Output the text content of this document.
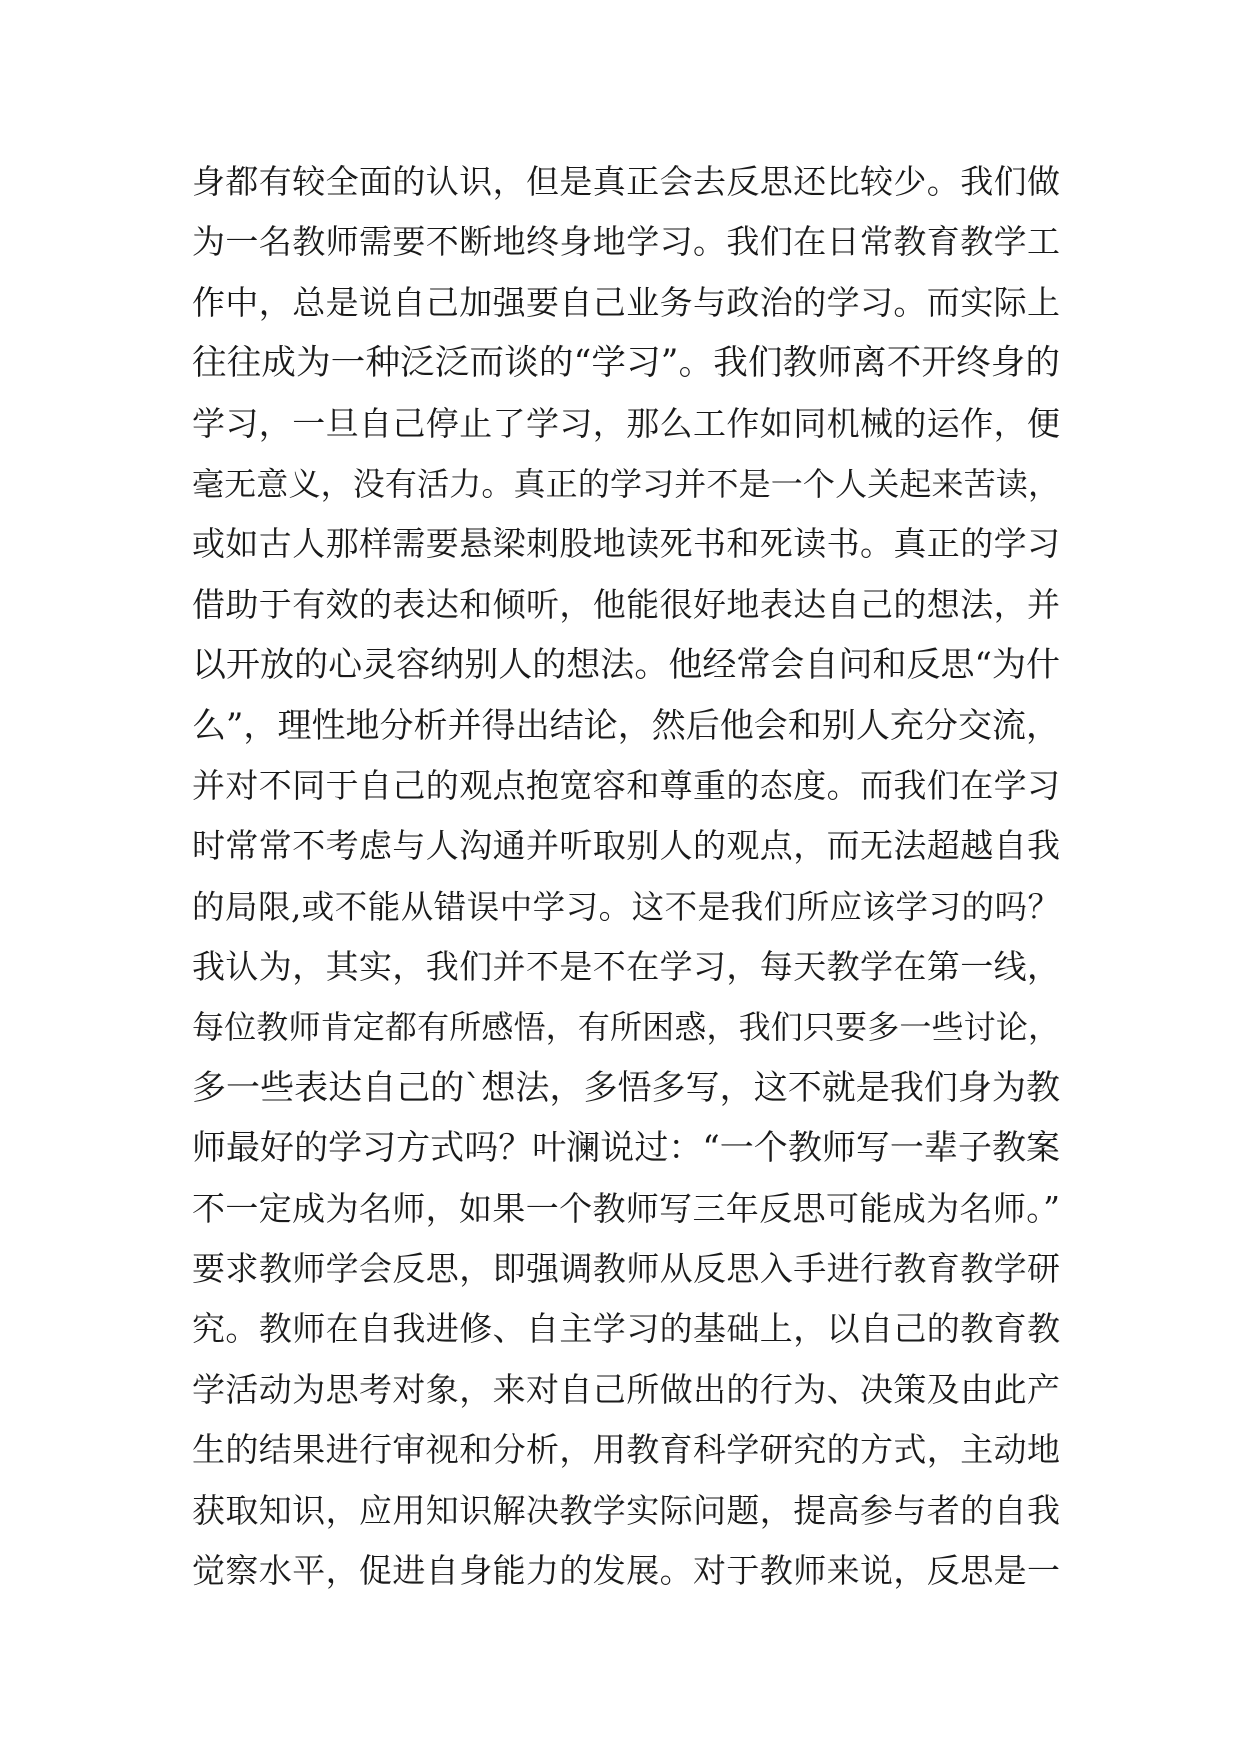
身都有较全面的认识，但是真正会去反思还比较少。我们做
为一名教师需要不断地终身地学习。我们在日常教育教学工
作中，总是说自己加强要自己业务与政治的学习。而实际上
往往成为一种泛泛而谈的“学习”。我们教师离不开终身的
学习，一旦自己停止了学习，那么工作如同机械的运作，便
毫无意义，没有活力。真正的学习并不是一个人关起来苦读，
或如古人那样需要悬梁刺股地读死书和死读书。真正的学习
借助于有效的表达和倾听，他能很好地表达自己的想法，并
以开放的心灵容纳别人的想法。他经常会自问和反思“为什
么”，理性地分析并得出结论，然后他会和别人充分交流，
并对不同于自己的观点抱宽容和尊重的态度。而我们在学习
时常常不考虑与人沟通并听取别人的观点，而无法超越自我
的局限,或不能从错误中学习。这不是我们所应该学习的吗？
我认为，其实，我们并不是不在学习，每天教学在第一线，
每位教师肯定都有所感悟，有所困惑，我们只要多一些讨论，
多一些表达自己的`想法，多悟多写，这不就是我们身为教
师最好的学习方式吗？叶澜说过：“一个教师写一辈子教案
不一定成为名师，如果一个教师写三年反思可能成为名师。”
要求教师学会反思，即强调教师从反思入手进行教育教学研
究。教师在自我进修、自主学习的基础上，以自己的教育教
学活动为思考对象，来对自己所做出的行为、决策及由此产
生的结果进行审视和分析，用教育科学研究的方式，主动地
获取知识，应用知识解决教学实际问题，提高参与者的自我
觉察水平，促进自身能力的发展。对于教师来说，反思是一
